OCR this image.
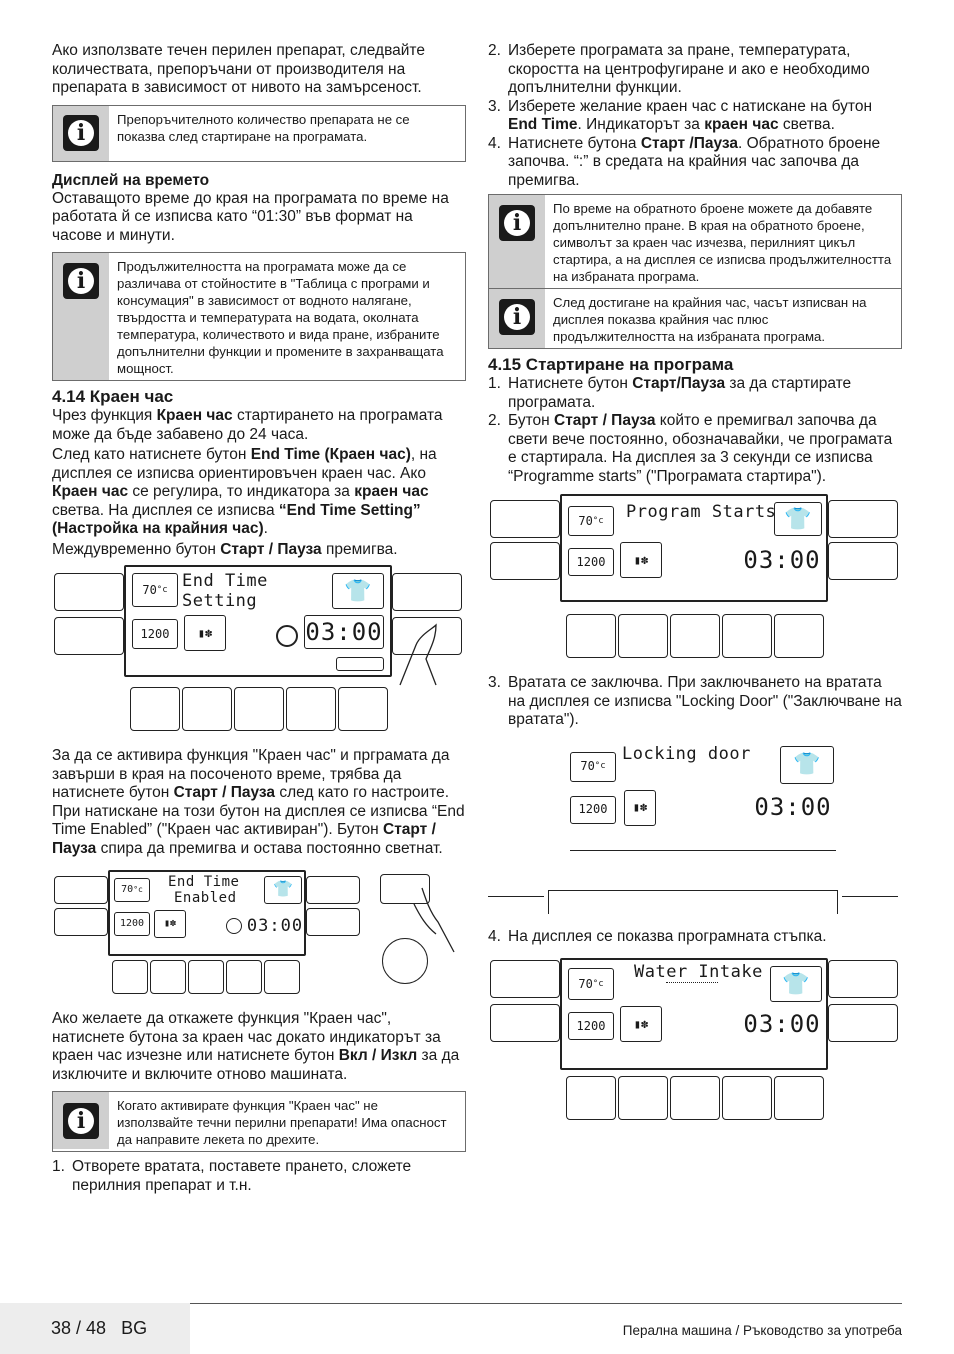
Ако използвате течен перилен препарат, следвайте количествата, препоръчани от производителя на препарата в зависимост от нивото на замърсеност.

i
Препоръчителното количество препарата не се показва след стартиране на програмата.
Дисплей на времето

Оставащото време до края на програмата по време на работата й се изписва като “01:30” във формат на часове и минути.

i
Продължителността на програмата може да се различава от стойностите в "Таблица с програми и консумация" в зависимост от водното налягане, твърдостта и температурата на водата, околната температура, количеството и вида пране, избраните допълнителни функции и промените в захранващата мощност.
4.14 Краен час

Чрез функция Краен час стартирането на програмата може да бъде забавено до 24 часа.

След като натиснете бутон End Time (Краен час), на дисплея се изписва ориентировъчен краен час. Ако Краен час се регулира, то индикатора за краен час светва. На дисплея се изписва “End Time Setting” (Настройка на крайния час).

Междувременно бутон Старт / Пауза премигва.

70 °c End Time
Setting	👕
1200	▮✽	03:00

За да се активира функция "Краен час" и прграмата да завърши в края на посоченото време, трябва да натиснете бутон Старт / Пауза след като го настроите. При натискане на този бутон на дисплея се изписва “End Time Enabled” ("Краен час активиран"). Бутон Старт / Пауза спира да премигва и остава постоянно светнат.

70 °c End Time
Enabled
👕
1200	▮✽	03:00

Ако желаете да откажете функция "Краен час", натиснете бутона за краен час докато индикаторът за краен час изчезне или натиснете бутон Вкл / Изкл за да изключите и включите отново машината.

i
Когато активирате функция "Краен час" не използвайте течни перилни препарати! Има опасност да направите лекета по дрехите.
1. Отворете вратата, поставете прането, сложете перилния препарат и т.н.
2. Изберете програмата за пране, температурата, скоростта на центрофугиране и ако е необходимо допълнителни функции.
3. Изберете желание краен час с натискане на бутон End Time. Индикаторът за краен час светва.
4. Натиснете бутона Старт /Пауза. Обратното броене започва. “:” в средата на крайния час започва да премигва.
i
По време на обратното броене можете да добавяте допълнително пране. В края на обратното броене, символът за краен час изчезва, перилният цикъл стартира, а на дисплея се изписва продължителността на избраната програма.
i
След достигане на крайния час, часът изписван на дисплея показва крайния час плюс продължителността на избраната програма.
4.15 Стартиране на програма
1. Натиснете бутон Старт/Пауза за да стартирате програмата.
2. Бутон Старт / Пауза който е премигвал започва да свети вече постоянно, обозначавайки, че програмата е стартирала. На дисплея за 3 секунди се изписва “Programme starts” ("Програмата стартира").
70 °c Program Starts 👕
1200	▮✽	03:00
3. Вратата се заключва. При заключването на вратата на дисплея се изписва "Locking Door" ("Заключване на вратата").
70 °c
Locking door	👕
1200	▮✽	03:00
4. На дисплея се показва програмната стъпка.
70 °c
Water Intake 👕
1200	▮✽	03:00
38 / 48 BG	Перална машина / Ръководство за употреба
